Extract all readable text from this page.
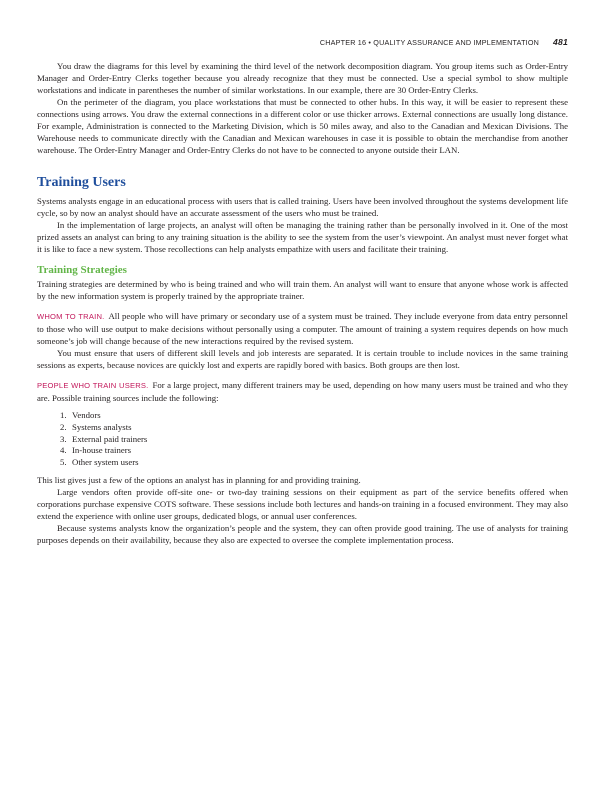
CHAPTER 16 • QUALITY ASSURANCE AND IMPLEMENTATION 481

You draw the diagrams for this level by examining the third level of the network decomposition diagram. You group items such as Order-Entry Manager and Order-Entry Clerks together because you already recognize that they must be connected. Use a special symbol to show multiple workstations and indicate in parentheses the number of similar workstations. In our example, there are 30 Order-Entry Clerks.

On the perimeter of the diagram, you place workstations that must be connected to other hubs. In this way, it will be easier to represent these connections using arrows. You draw the external connections in a different color or use thicker arrows. External connections are usually long distance. For example, Administration is connected to the Marketing Division, which is 50 miles away, and also to the Canadian and Mexican Divisions. The Warehouse needs to communicate directly with the Canadian and Mexican warehouses in case it is possible to obtain the merchandise from another warehouse. The Order-Entry Manager and Order-Entry Clerks do not have to be connected to anyone outside their LAN.

Training Users

Systems analysts engage in an educational process with users that is called training. Users have been involved throughout the systems development life cycle, so by now an analyst should have an accurate assessment of the users who must be trained.

In the implementation of large projects, an analyst will often be managing the training rather than be personally involved in it. One of the most prized assets an analyst can bring to any training situation is the ability to see the system from the user’s viewpoint. An analyst must never forget what it is like to face a new system. Those recollections can help analysts empathize with users and facilitate their training.

Training Strategies

Training strategies are determined by who is being trained and who will train them. An analyst will want to ensure that anyone whose work is affected by the new information system is properly trained by the appropriate trainer.

WHOM TO TRAIN. All people who will have primary or secondary use of a system must be trained. They include everyone from data entry personnel to those who will use output to make decisions without personally using a computer. The amount of training a system requires depends on how much someone’s job will change because of the new interactions required by the revised system.

You must ensure that users of different skill levels and job interests are separated. It is certain trouble to include novices in the same training sessions as experts, because novices are quickly lost and experts are rapidly bored with basics. Both groups are then lost.

PEOPLE WHO TRAIN USERS. For a large project, many different trainers may be used, depending on how many users must be trained and who they are. Possible training sources include the following:

1. Vendors
2. Systems analysts
3. External paid trainers
4. In-house trainers
5. Other system users

This list gives just a few of the options an analyst has in planning for and providing training.

Large vendors often provide off-site one- or two-day training sessions on their equipment as part of the service benefits offered when corporations purchase expensive COTS software. These sessions include both lectures and hands-on training in a focused environment. They may also extend the experience with online user groups, dedicated blogs, or annual user conferences.

Because systems analysts know the organization’s people and the system, they can often provide good training. The use of analysts for training purposes depends on their availability, because they also are expected to oversee the complete implementation process.
